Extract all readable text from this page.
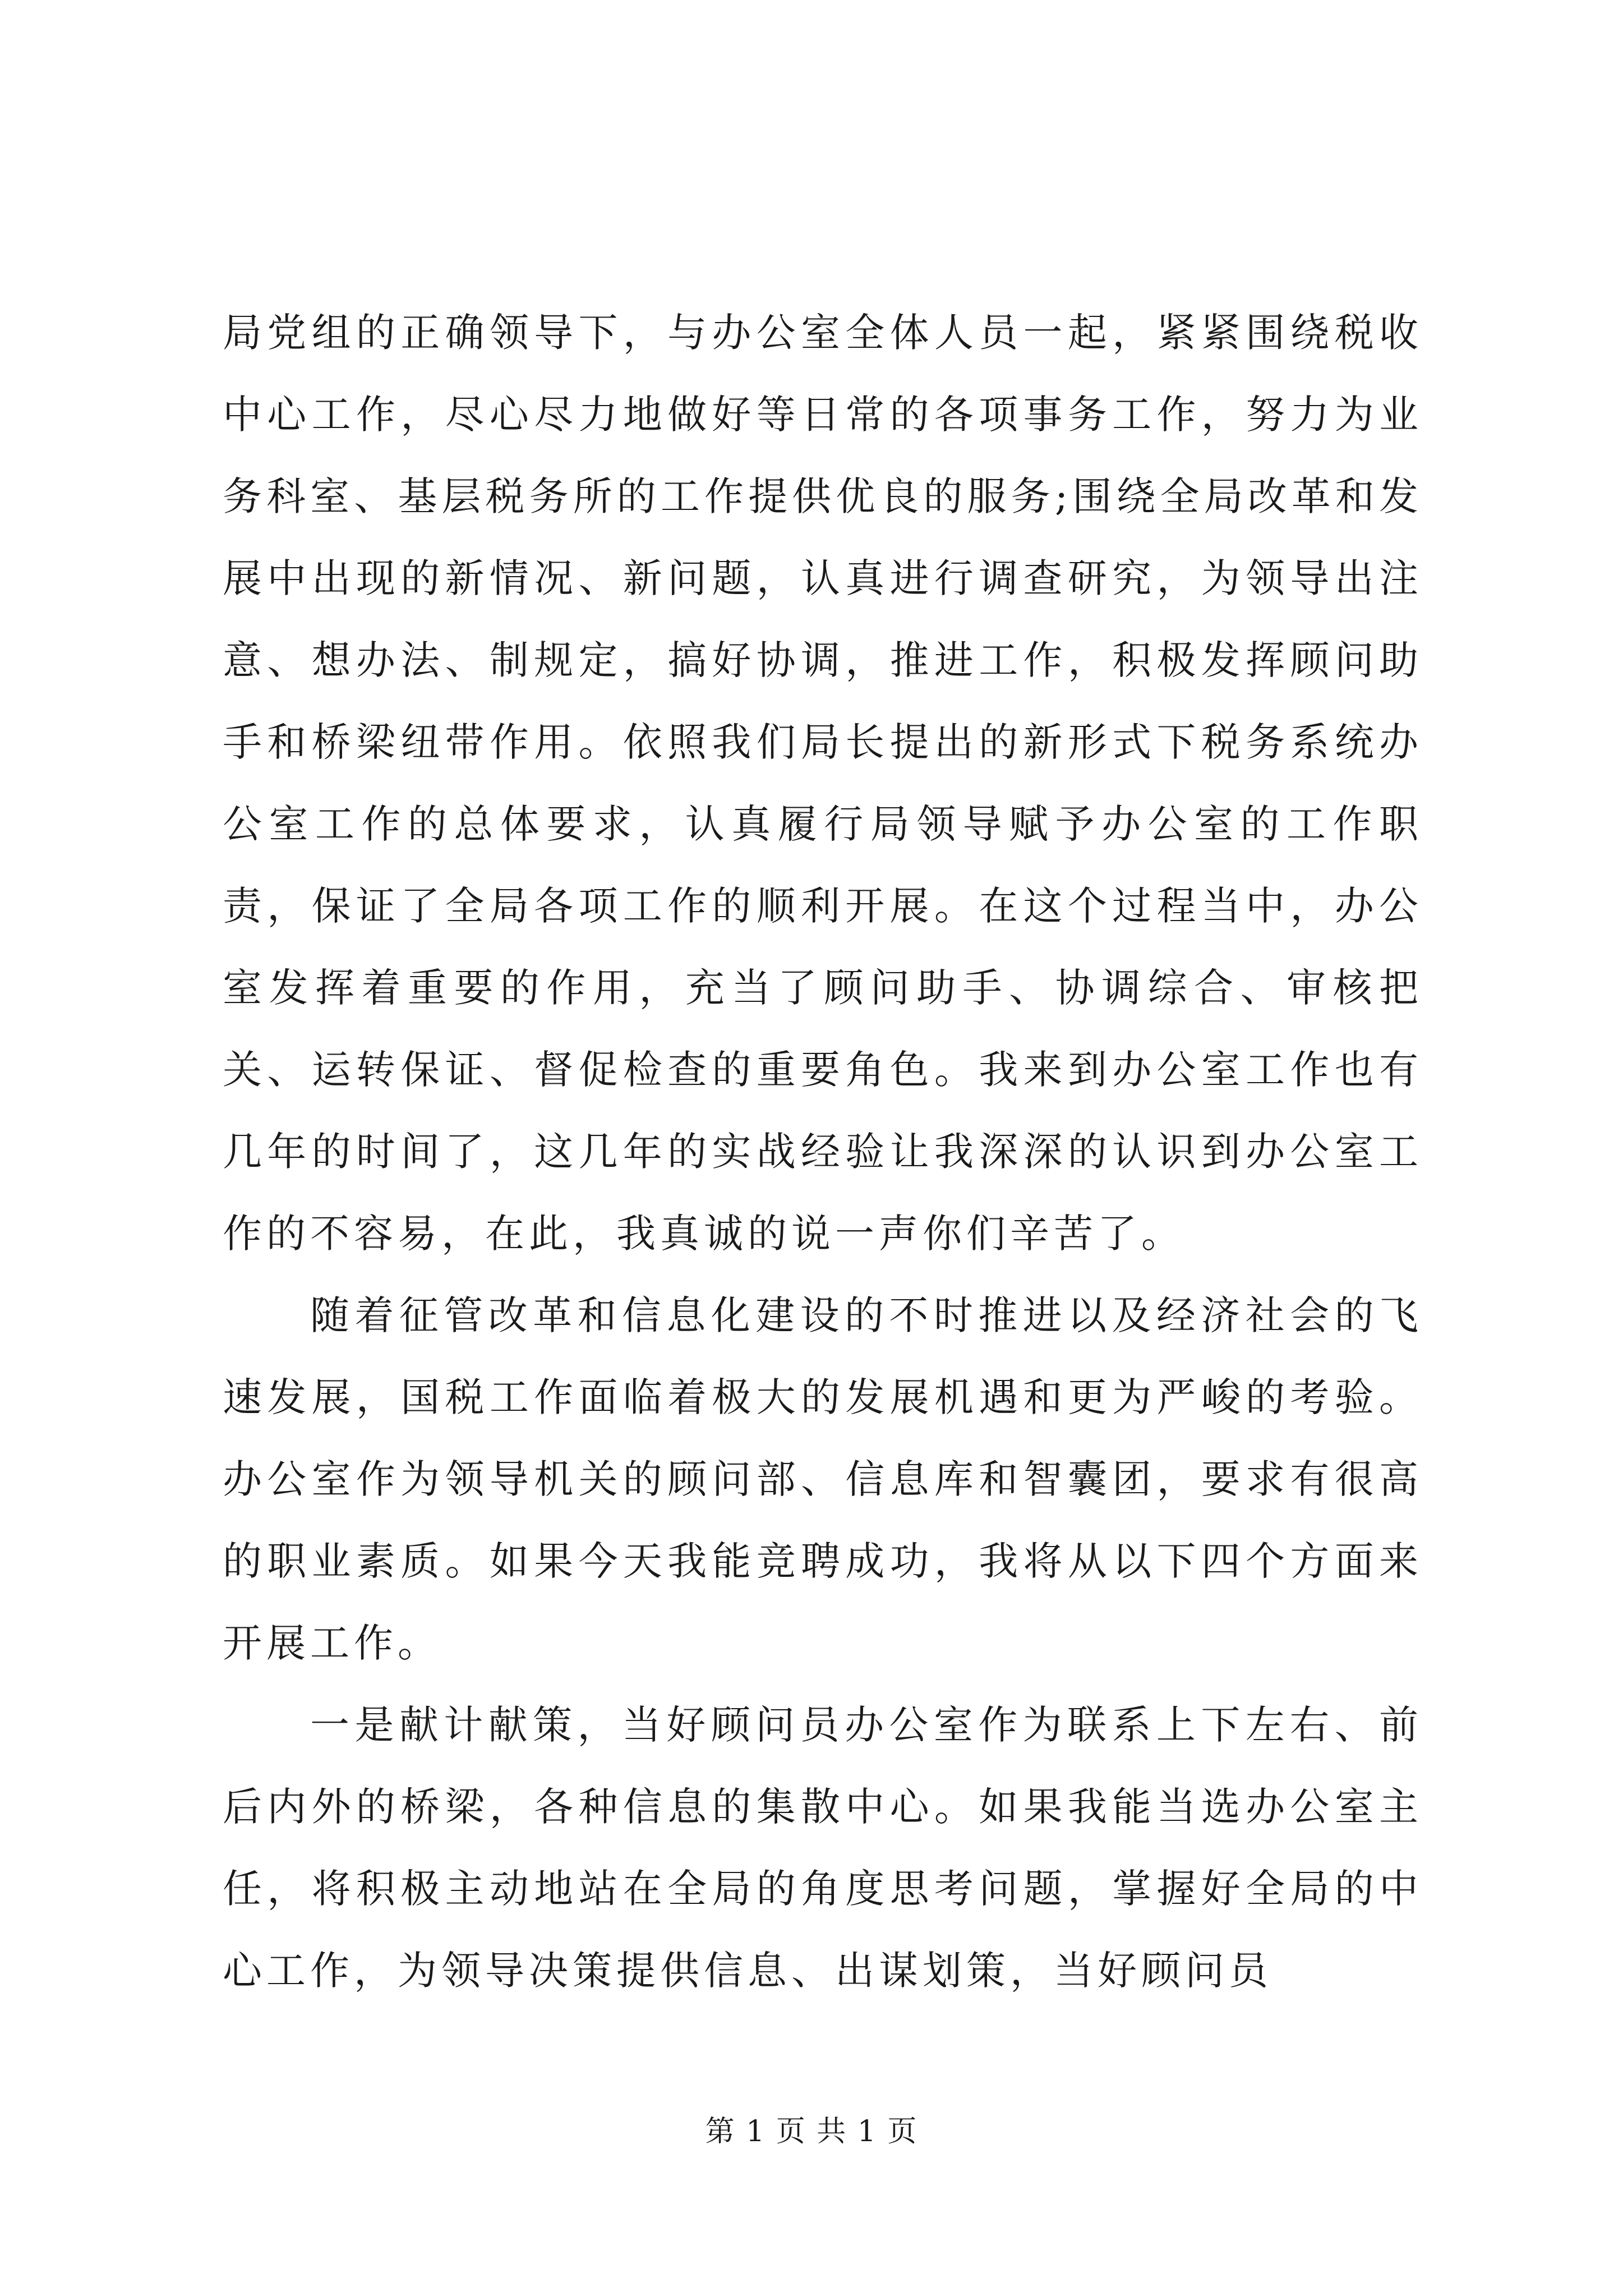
局党组的正确领导下，与办公室全体人员一起，紧紧围绕税收中心工作，尽心尽力地做好等日常的各项事务工作，努力为业务科室、基层税务所的工作提供优良的服务;围绕全局改革和发展中出现的新情况、新问题，认真进行调查研究，为领导出注意、想办法、制规定，搞好协调，推进工作，积极发挥顾问助手和桥梁纽带作用。依照我们局长提出的新形式下税务系统办公室工作的总体要求，认真履行局领导赋予办公室的工作职责，保证了全局各项工作的顺利开展。在这个过程当中，办公室发挥着重要的作用，充当了顾问助手、协调综合、审核把关、运转保证、督促检查的重要角色。我来到办公室工作也有几年的时间了，这几年的实战经验让我深深的认识到办公室工作的不容易，在此，我真诚的说一声你们辛苦了。

随着征管改革和信息化建设的不时推进以及经济社会的飞速发展，国税工作面临着极大的发展机遇和更为严峻的考验。办公室作为领导机关的顾问部、信息库和智囊团，要求有很高的职业素质。如果今天我能竞聘成功，我将从以下四个方面来开展工作。

一是献计献策，当好顾问员办公室作为联系上下左右、前后内外的桥梁，各种信息的集散中心。如果我能当选办公室主任，将积极主动地站在全局的角度思考问题，掌握好全局的中心工作，为领导决策提供信息、出谋划策，当好顾问员

第 1 页 共 1 页
